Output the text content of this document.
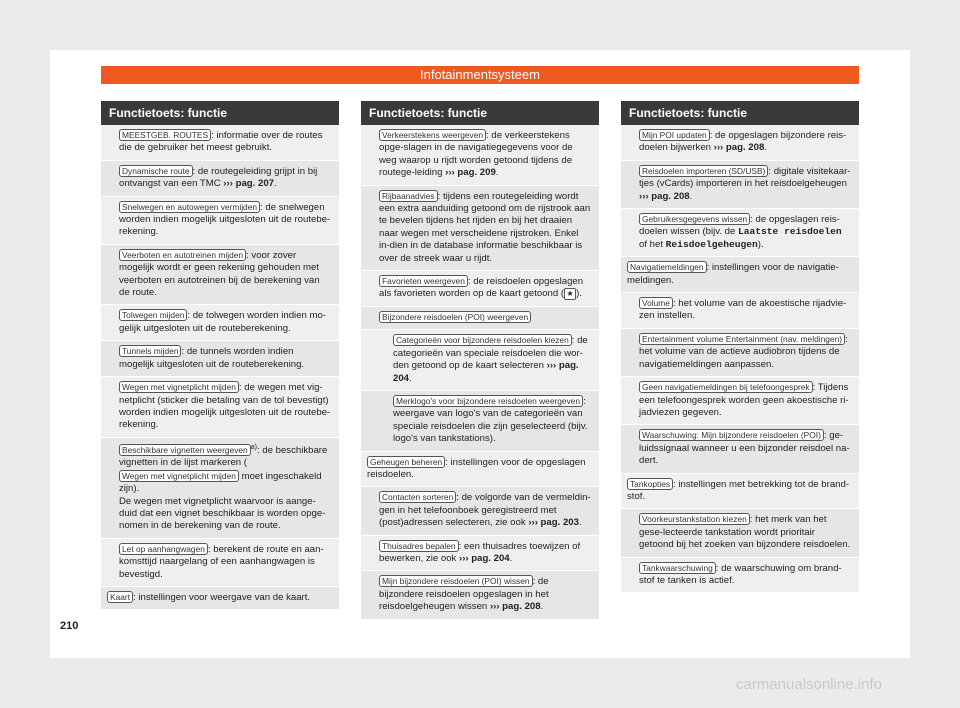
Infotainmentsysteem
Functietoets: functie
MEESTGEB. ROUTES : informatie over de routes die de gebruiker het meest gebruikt.
Dynamische route : de routegeleiding grijpt in bij ontvangst van een TMC ››› pag. 207.
Snelwegen en autowegen vermijden : de snelwegen worden indien mogelijk uitgesloten uit de routebe-rekening.
Veerboten en autotreinen mijden : voor zover mogelijk wordt er geen rekening gehouden met veerboten en autotreinen bij de berekening van de route.
Tolwegen mijden : de tolwegen worden indien mo-gelijk uitgesloten uit de routeberekening.
Tunnels mijden : de tunnels worden indien mogelijk uitgesloten uit de routeberekening.
Wegen met vignetplicht mijden : de wegen met vig-netplicht (sticker die betaling van de tol bevestigt) worden indien mogelijk uitgesloten uit de routebe-rekening.
Beschikbare vignetten weergeven $^{a)}$: de beschikbare vignetten in de lijst markeren (Wegen met vignetplicht mijden moet ingeschakeld zijn).
De wegen met vignetplicht waarvoor is aange-duid dat een vignet beschikbaar is worden opge-nomen in de berekening van de route.
Let op aanhangwagen : berekent de route en aan-komsttijd naargelang of een aanhangwagen is bevestigd.
Kaart : instellingen voor weergave van de kaart.
Functietoets: functie
Verkeerstekens weergeven : de verkeerstekens opge-slagen in de navigatiegegevens voor de weg waarop u rijdt worden getoond tijdens de routege-leiding ››› pag. 209.
Rijbaanadvies : tijdens een routegeleiding wordt een extra aanduiding getoond om de rijstrook aan te bevelen tijdens het rijden en bij het draaien naar wegen met verscheidene rijstroken. Enkel in-dien in de database informatie beschikbaar is over de streek waar u rijdt.
Favorieten weergeven : de reisdoelen opgeslagen als favorieten worden op de kaart getoond ( ★ ).
Bijzondere reisdoelen (POI) weergeven
Categorieën voor bijzondere reisdoelen kiezen : de categorieën van speciale reisdoelen die wor-den getoond op de kaart selecteren ››› pag. 204.
Merklogo's voor bijzondere reisdoelen weergeven : weergave van logo's van de categorieën van speciale reisdoelen die zijn geselecteerd (bijv. logo's van tankstations).
Geheugen beheren : instellingen voor de opgeslagen reisdoelen.
Contacten sorteren : de volgorde van de vermeldin-gen in het telefoonboek geregistreerd met (post)adressen selecteren, zie ook ››› pag. 203.
Thuisadres bepalen : een thuisadres toewijzen of bewerken, zie ook ››› pag. 204.
Mijn bijzondere reisdoelen (POI) wissen : de bijzondere reisdoelen opgeslagen in het reisdoelgeheugen wissen ››› pag. 208.
Functietoets: functie
Mijn POI updaten : de opgeslagen bijzondere reis-doelen bijwerken ››› pag. 208.
Reisdoelen importeren (SD/USB) : digitale visitekaar-tjes (vCards) importeren in het reisdoelgeheugen ››› pag. 208.
Gebruikersgegevens wissen : de opgeslagen reis-doelen wissen (bijv. de Laatste reisdoelen of het Reisdoelgeheugen).
Navigatiemeldingen : instellingen voor de navigatie-meldingen.
Volume : het volume van de akoestische rijadvie-zen instellen.
Entertainment volume Entertainment (nav. meldingen) : het volume van de actieve audiobron tijdens de navigatiemeldingen aanpassen.
Geen navigatiemeldingen bij telefoongesprek : Tijdens een telefoongesprek worden geen akoestische ri-jadviezen gegeven.
Waarschuwing: Mijn bijzondere reisdoelen (POI) : ge-luidssignaal wanneer u een bijzonder reisdoel na-dert.
Tankopties : instellingen met betrekking tot de brand-stof.
Voorkeurstankstation kiezen : het merk van het gese-lecteerde tankstation wordt prioritair getoond bij het zoeken van bijzondere reisdoelen.
Tankwaarschuwing : de waarschuwing om brand-stof te tanken is actief.
210
carmanualsonline.info
